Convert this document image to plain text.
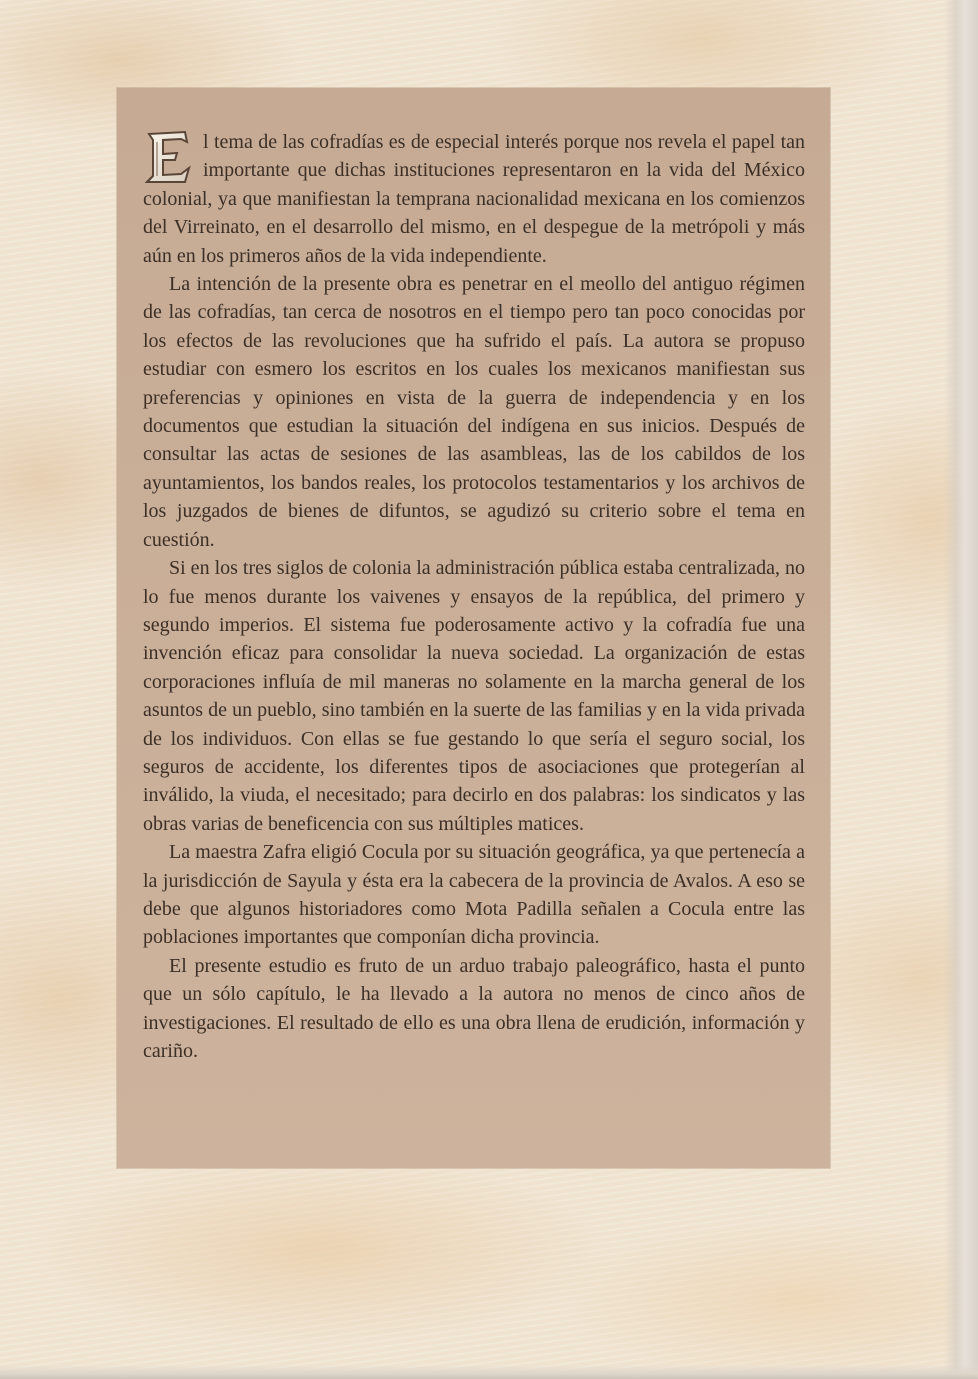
l tema de las cofradías es de especial interés porque nos revela el papel tan importante que dichas instituciones representaron en la vida del México colonial, ya que manifiestan la temprana nacionalidad mexicana en los comienzos del Virreinato, en el desarrollo del mismo, en el despegue de la metrópoli y más aún en los primeros años de la vida independiente.

La intención de la presente obra es penetrar en el meollo del antiguo régimen de las cofradías, tan cerca de nosotros en el tiempo pero tan poco conocidas por los efectos de las revoluciones que ha sufrido el país. La autora se propuso estudiar con esmero los escritos en los cuales los mexicanos manifiestan sus preferencias y opiniones en vista de la guerra de independencia y en los documentos que estudian la situación del indígena en sus inicios. Después de consultar las actas de sesiones de las asambleas, las de los cabildos de los ayuntamientos, los bandos reales, los protocolos testamentarios y los archivos de los juzgados de bienes de difuntos, se agudizó su criterio sobre el tema en cuestión.

Si en los tres siglos de colonia la administración pública estaba centralizada, no lo fue menos durante los vaivenes y ensayos de la república, del primero y segundo imperios. El sistema fue poderosamente activo y la cofradía fue una invención eficaz para consolidar la nueva sociedad. La organización de estas corporaciones influía de mil maneras no solamente en la marcha general de los asuntos de un pueblo, sino también en la suerte de las familias y en la vida privada de los individuos. Con ellas se fue gestando lo que sería el seguro social, los seguros de accidente, los diferentes tipos de asociaciones que protegerían al inválido, la viuda, el necesitado; para decirlo en dos palabras: los sindicatos y las obras varias de beneficencia con sus múltiples matices.

La maestra Zafra eligió Cocula por su situación geográfica, ya que pertenecía a la jurisdicción de Sayula y ésta era la cabecera de la provincia de Avalos. A eso se debe que algunos historiadores como Mota Padilla señalen a Cocula entre las poblaciones importantes que componían dicha provincia.

El presente estudio es fruto de un arduo trabajo paleográfico, hasta el punto que un sólo capítulo, le ha llevado a la autora no menos de cinco años de investigaciones. El resultado de ello es una obra llena de erudición, información y cariño.
